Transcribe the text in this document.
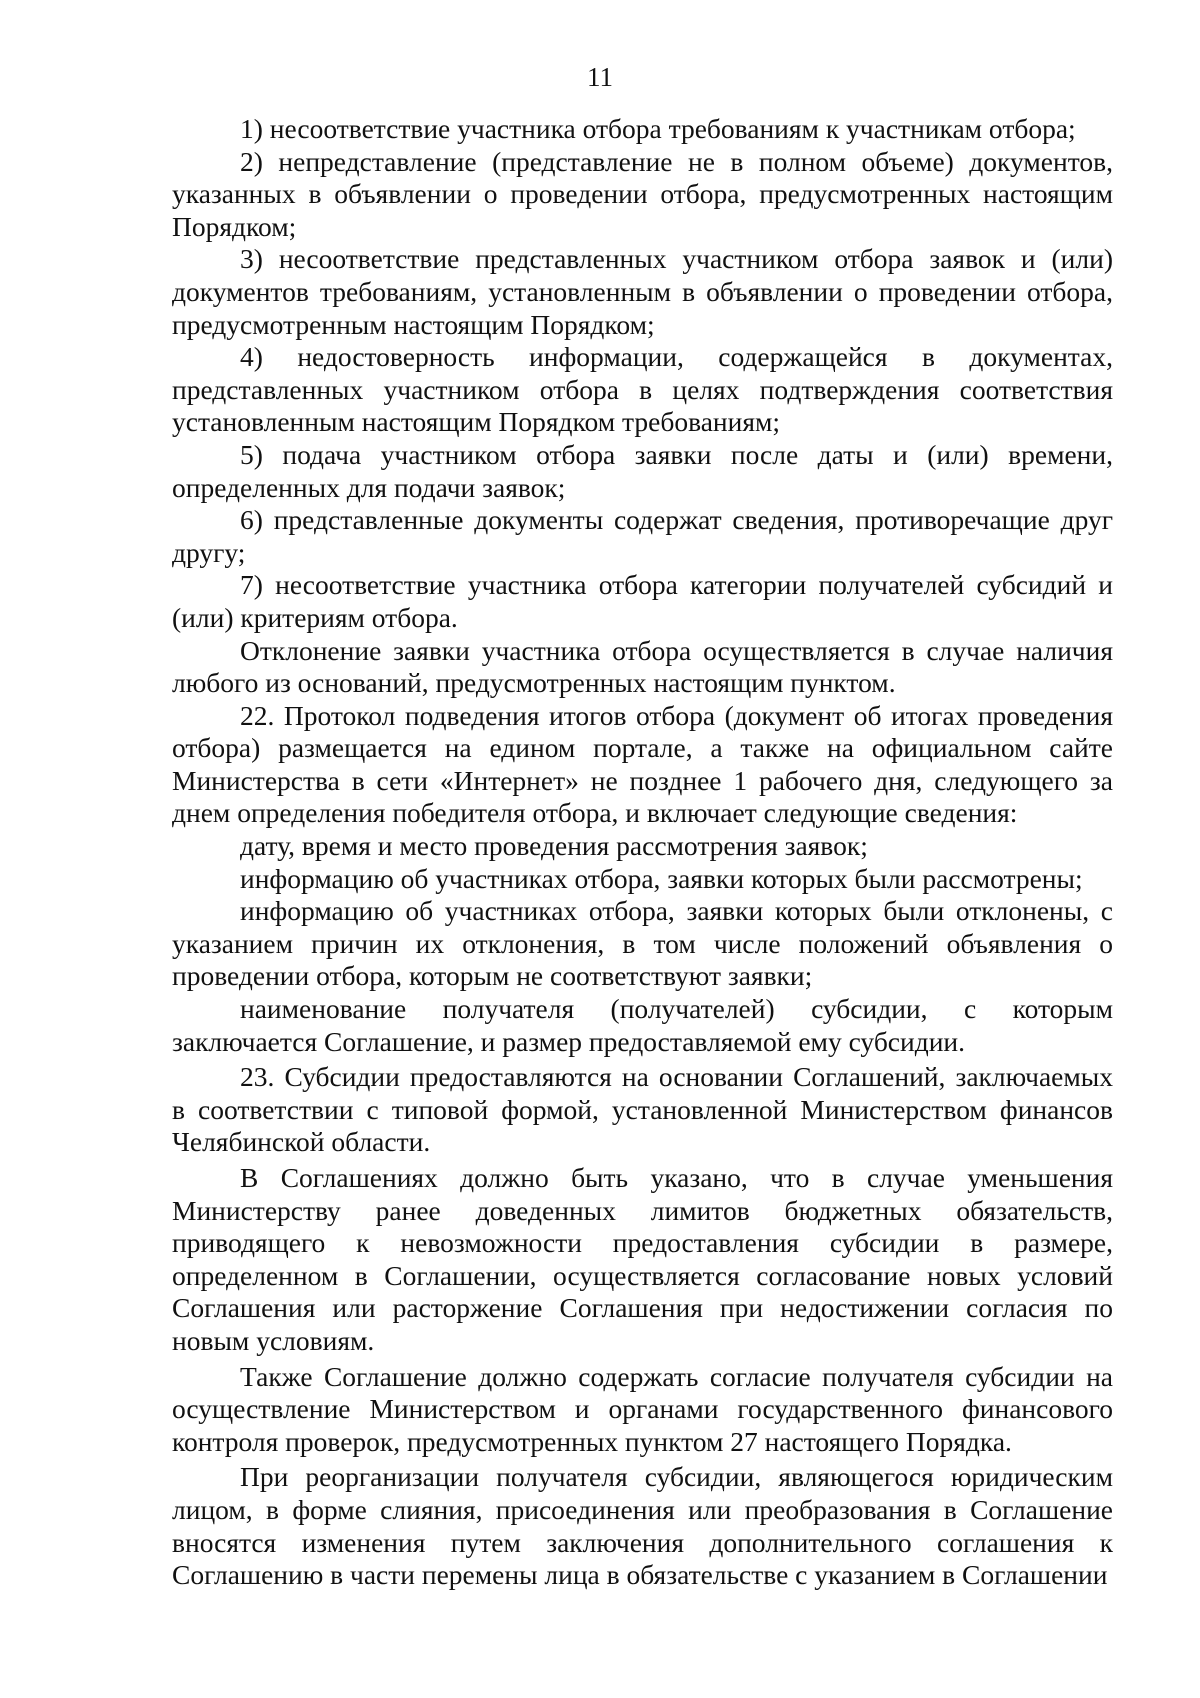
11

1) несоответствие участника отбора требованиям к участникам отбора;

2) непредставление (представление не в полном объеме) документов, указанных в объявлении о проведении отбора, предусмотренных настоящим Порядком;

3) несоответствие представленных участником отбора заявок и (или) документов требованиям, установленным в объявлении о проведении отбора, предусмотренным настоящим Порядком;

4) недостоверность информации, содержащейся в документах, представленных участником отбора в целях подтверждения соответствия установленным настоящим Порядком требованиям;

5) подача участником отбора заявки после даты и (или) времени, определенных для подачи заявок;

6) представленные документы содержат сведения, противоречащие друг другу;

7) несоответствие участника отбора категории получателей субсидий и (или) критериям отбора.

Отклонение заявки участника отбора осуществляется в случае наличия любого из оснований, предусмотренных настоящим пунктом.

22. Протокол подведения итогов отбора (документ об итогах проведения отбора) размещается на едином портале, а также на официальном сайте Министерства в сети «Интернет» не позднее 1 рабочего дня, следующего за днем определения победителя отбора, и включает следующие сведения:

дату, время и место проведения рассмотрения заявок;

информацию об участниках отбора, заявки которых были рассмотрены;

информацию об участниках отбора, заявки которых были отклонены, с указанием причин их отклонения, в том числе положений объявления о проведении отбора, которым не соответствуют заявки;

наименование получателя (получателей) субсидии, с которым заключается Соглашение, и размер предоставляемой ему субсидии.

23. Субсидии предоставляются на основании Соглашений, заключаемых в соответствии с типовой формой, установленной Министерством финансов Челябинской области.

В Соглашениях должно быть указано, что в случае уменьшения Министерству ранее доведенных лимитов бюджетных обязательств, приводящего к невозможности предоставления субсидии в размере, определенном в Соглашении, осуществляется согласование новых условий Соглашения или расторжение Соглашения при недостижении согласия по новым условиям.

Также Соглашение должно содержать согласие получателя субсидии на осуществление Министерством и органами государственного финансового контроля проверок, предусмотренных пунктом 27 настоящего Порядка.

При реорганизации получателя субсидии, являющегося юридическим лицом, в форме слияния, присоединения или преобразования в Соглашение вносятся изменения путем заключения дополнительного соглашения к Соглашению в части перемены лица в обязательстве с указанием в Соглашении
